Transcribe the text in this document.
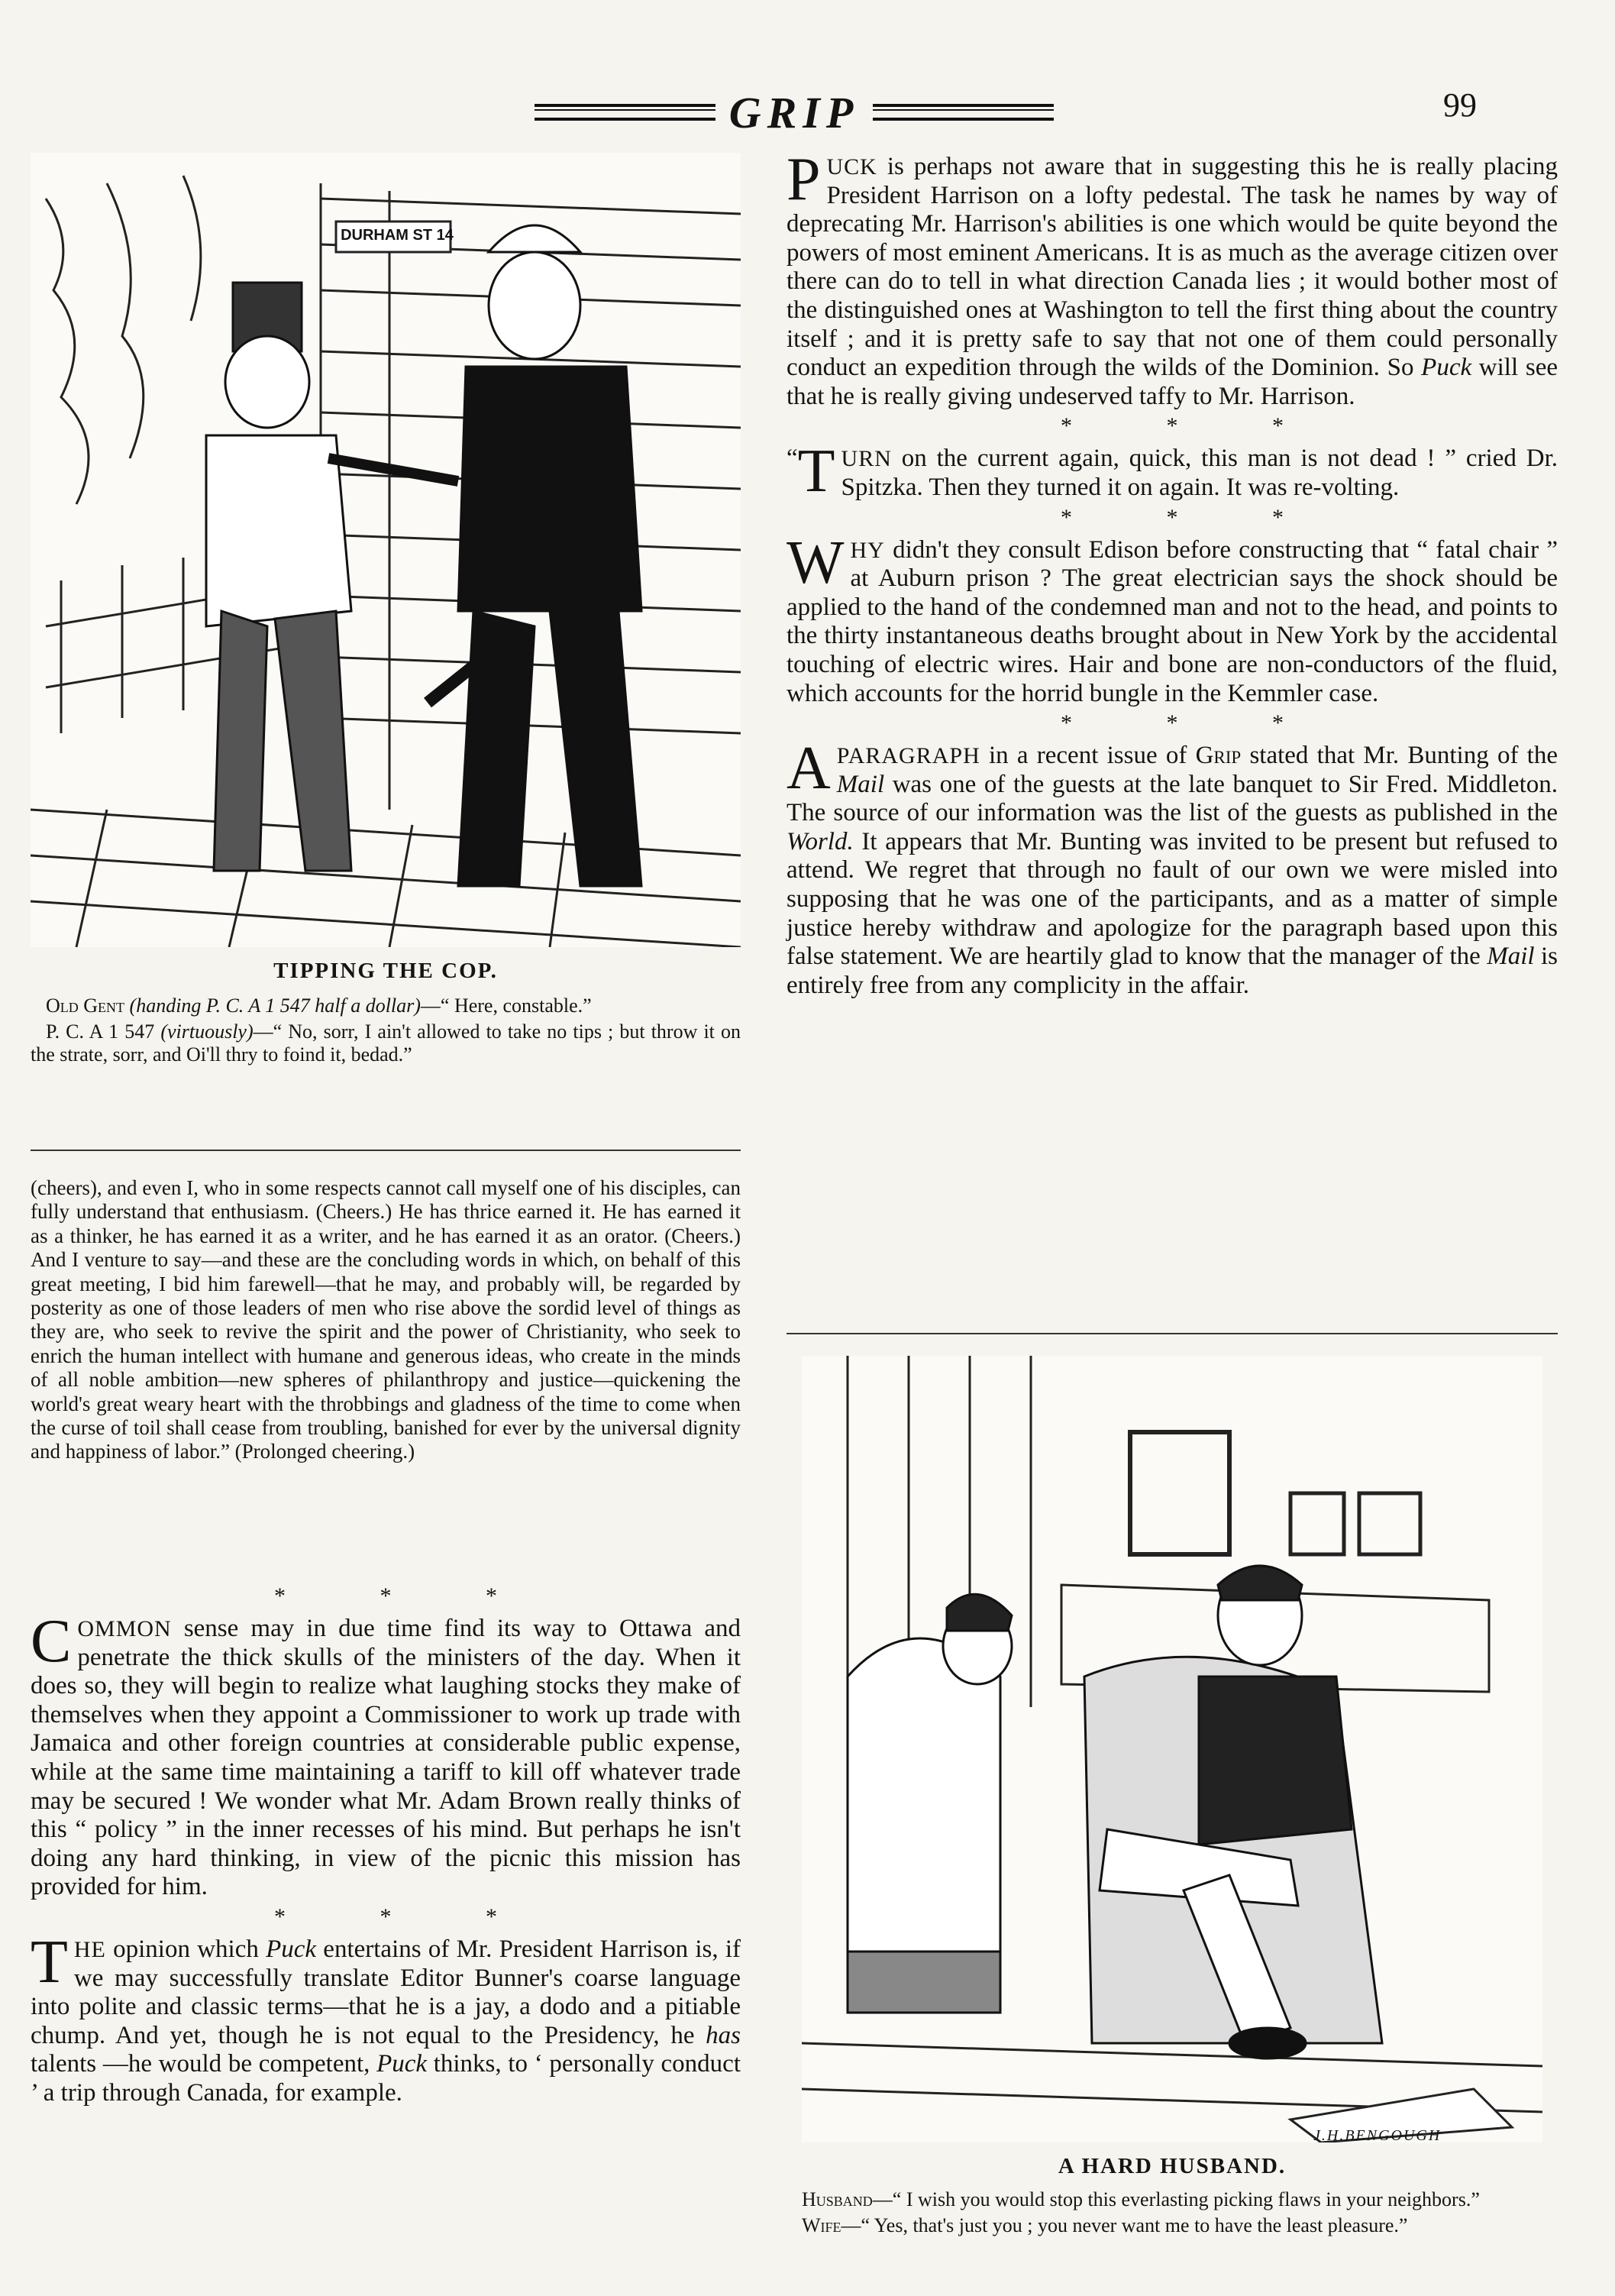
GRIP	99
TIPPING THE COP.

Old Gent (handing P. C. A 1 547 half a dollar)—“ Here, constable.”

P. C. A 1 547 (virtuously)—“ No, sorr, I ain't allowed to take no tips ; but throw it on the strate, sorr, and Oi'll thry to foind it, bedad.”

(cheers), and even I, who in some respects cannot call myself one of his disciples, can fully understand that enthusiasm. (Cheers.) He has thrice earned it. He has earned it as a thinker, he has earned it as a writer, and he has earned it as an orator. (Cheers.) And I venture to say—and these are the concluding words in which, on behalf of this great meeting, I bid him farewell—that he may, and probably will, be regarded by posterity as one of those leaders of men who rise above the sordid level of things as they are, who seek to revive the spirit and the power of Christianity, who seek to enrich the human intellect with humane and generous ideas, who create in the minds of all noble ambition—new spheres of philanthropy and justice—quickening the world's great weary heart with the throbbings and gladness of the time to come when the curse of toil shall cease from troubling, banished for ever by the universal dignity and happiness of labor.” (Prolonged cheering.)

* * *

COMMON sense may in due time find its way to Ottawa and penetrate the thick skulls of the ministers of the day. When it does so, they will begin to realize what laughing stocks they make of themselves when they appoint a Commissioner to work up trade with Jamaica and other foreign countries at considerable public expense, while at the same time maintaining a tariff to kill off whatever trade may be secured ! We wonder what Mr. Adam Brown really thinks of this “ policy ” in the inner recesses of his mind. But perhaps he isn't doing any hard thinking, in view of the picnic this mission has provided for him.

* * *

THE opinion which Puck entertains of Mr. President Harrison is, if we may successfully translate Editor Bunner's coarse language into polite and classic terms—that he is a jay, a dodo and a pitiable chump. And yet, though he is not equal to the Presidency, he has talents —he would be competent, Puck thinks, to ‘ personally conduct ’ a trip through Canada, for example.

PUCK is perhaps not aware that in suggesting this he is really placing President Harrison on a lofty pedestal. The task he names by way of deprecating Mr. Harrison's abilities is one which would be quite beyond the powers of most eminent Americans. It is as much as the average citizen over there can do to tell in what direction Canada lies ; it would bother most of the distinguished ones at Washington to tell the first thing about the country itself ; and it is pretty safe to say that not one of them could personally conduct an expedition through the wilds of the Dominion. So Puck will see that he is really giving undeserved taffy to Mr. Harrison.

* * *

“ T URN on the current again, quick, this man is not dead ! ” cried Dr. Spitzka. Then they turned it on again. It was re-volting.

* * *

WHY didn't they consult Edison before constructing that “ fatal chair ” at Auburn prison ? The great electrician says the shock should be applied to the hand of the condemned man and not to the head, and points to the thirty instantaneous deaths brought about in New York by the accidental touching of electric wires. Hair and bone are non-conductors of the fluid, which accounts for the horrid bungle in the Kemmler case.

* * *

APARAGRAPH in a recent issue of Grip stated that Mr. Bunting of the Mail was one of the guests at the late banquet to Sir Fred. Middleton. The source of our information was the list of the guests as published in the World. It appears that Mr. Bunting was invited to be present but refused to attend. We regret that through no fault of our own we were misled into supposing that he was one of the participants, and as a matter of simple justice hereby withdraw and apologize for the paragraph based upon this false statement. We are heartily glad to know that the manager of the Mail is entirely free from any complicity in the affair.

J.H.BENGOUGH
A HARD HUSBAND.

Husband—“ I wish you would stop this everlasting picking flaws in your neighbors.”

Wife—“ Yes, that's just you ; you never want me to have the least pleasure.”

DURHAM ST 14
